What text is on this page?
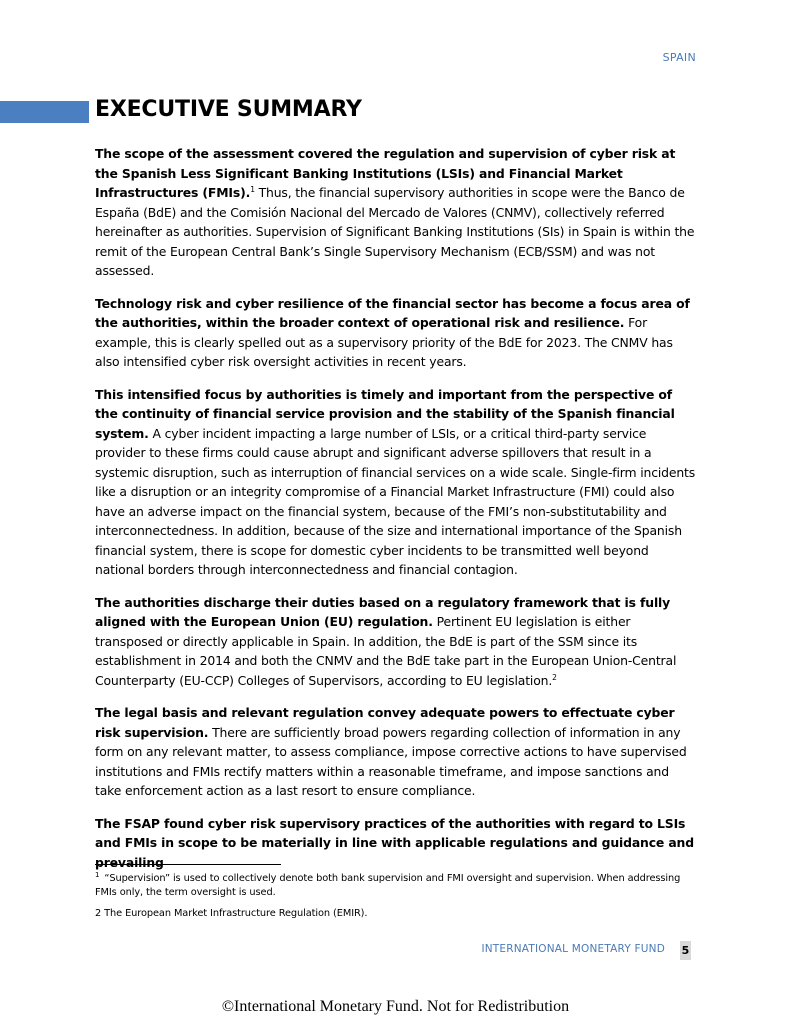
SPAIN
EXECUTIVE SUMMARY

The scope of the assessment covered the regulation and supervision of cyber risk at the Spanish Less Significant Banking Institutions (LSIs) and Financial Market Infrastructures (FMIs).$^1$ Thus, the financial supervisory authorities in scope were the Banco de España (BdE) and the Comisión Nacional del Mercado de Valores (CNMV), collectively referred hereinafter as authorities. Supervision of Significant Banking Institutions (SIs) in Spain is within the remit of the European Central Bank’s Single Supervisory Mechanism (ECB/SSM) and was not assessed.

Technology risk and cyber resilience of the financial sector has become a focus area of the authorities, within the broader context of operational risk and resilience. For example, this is clearly spelled out as a supervisory priority of the BdE for 2023. The CNMV has also intensified cyber risk oversight activities in recent years.

This intensified focus by authorities is timely and important from the perspective of the continuity of financial service provision and the stability of the Spanish financial system. A cyber incident impacting a large number of LSIs, or a critical third-party service provider to these firms could cause abrupt and significant adverse spillovers that result in a systemic disruption, such as interruption of financial services on a wide scale. Single-firm incidents like a disruption or an integrity compromise of a Financial Market Infrastructure (FMI) could also have an adverse impact on the financial system, because of the FMI’s non-substitutability and interconnectedness. In addition, because of the size and international importance of the Spanish financial system, there is scope for domestic cyber incidents to be transmitted well beyond national borders through interconnectedness and financial contagion.

The authorities discharge their duties based on a regulatory framework that is fully aligned with the European Union (EU) regulation. Pertinent EU legislation is either transposed or directly applicable in Spain. In addition, the BdE is part of the SSM since its establishment in 2014 and both the CNMV and the BdE take part in the European Union-Central Counterparty (EU-CCP) Colleges of Supervisors, according to EU legislation.$^2$

The legal basis and relevant regulation convey adequate powers to effectuate cyber risk supervision. There are sufficiently broad powers regarding collection of information in any form on any relevant matter, to assess compliance, impose corrective actions to have supervised institutions and FMIs rectify matters within a reasonable timeframe, and impose sanctions and take enforcement action as a last resort to ensure compliance.

The FSAP found cyber risk supervisory practices of the authorities with regard to LSIs and FMIs in scope to be materially in line with applicable regulations and guidance and prevailing

$^1$ “Supervision” is used to collectively denote both bank supervision and FMI oversight and supervision. When addressing FMIs only, the term oversight is used.

2 The European Market Infrastructure Regulation (EMIR).

INTERNATIONAL MONETARY FUND 5
©International Monetary Fund. Not for Redistribution
